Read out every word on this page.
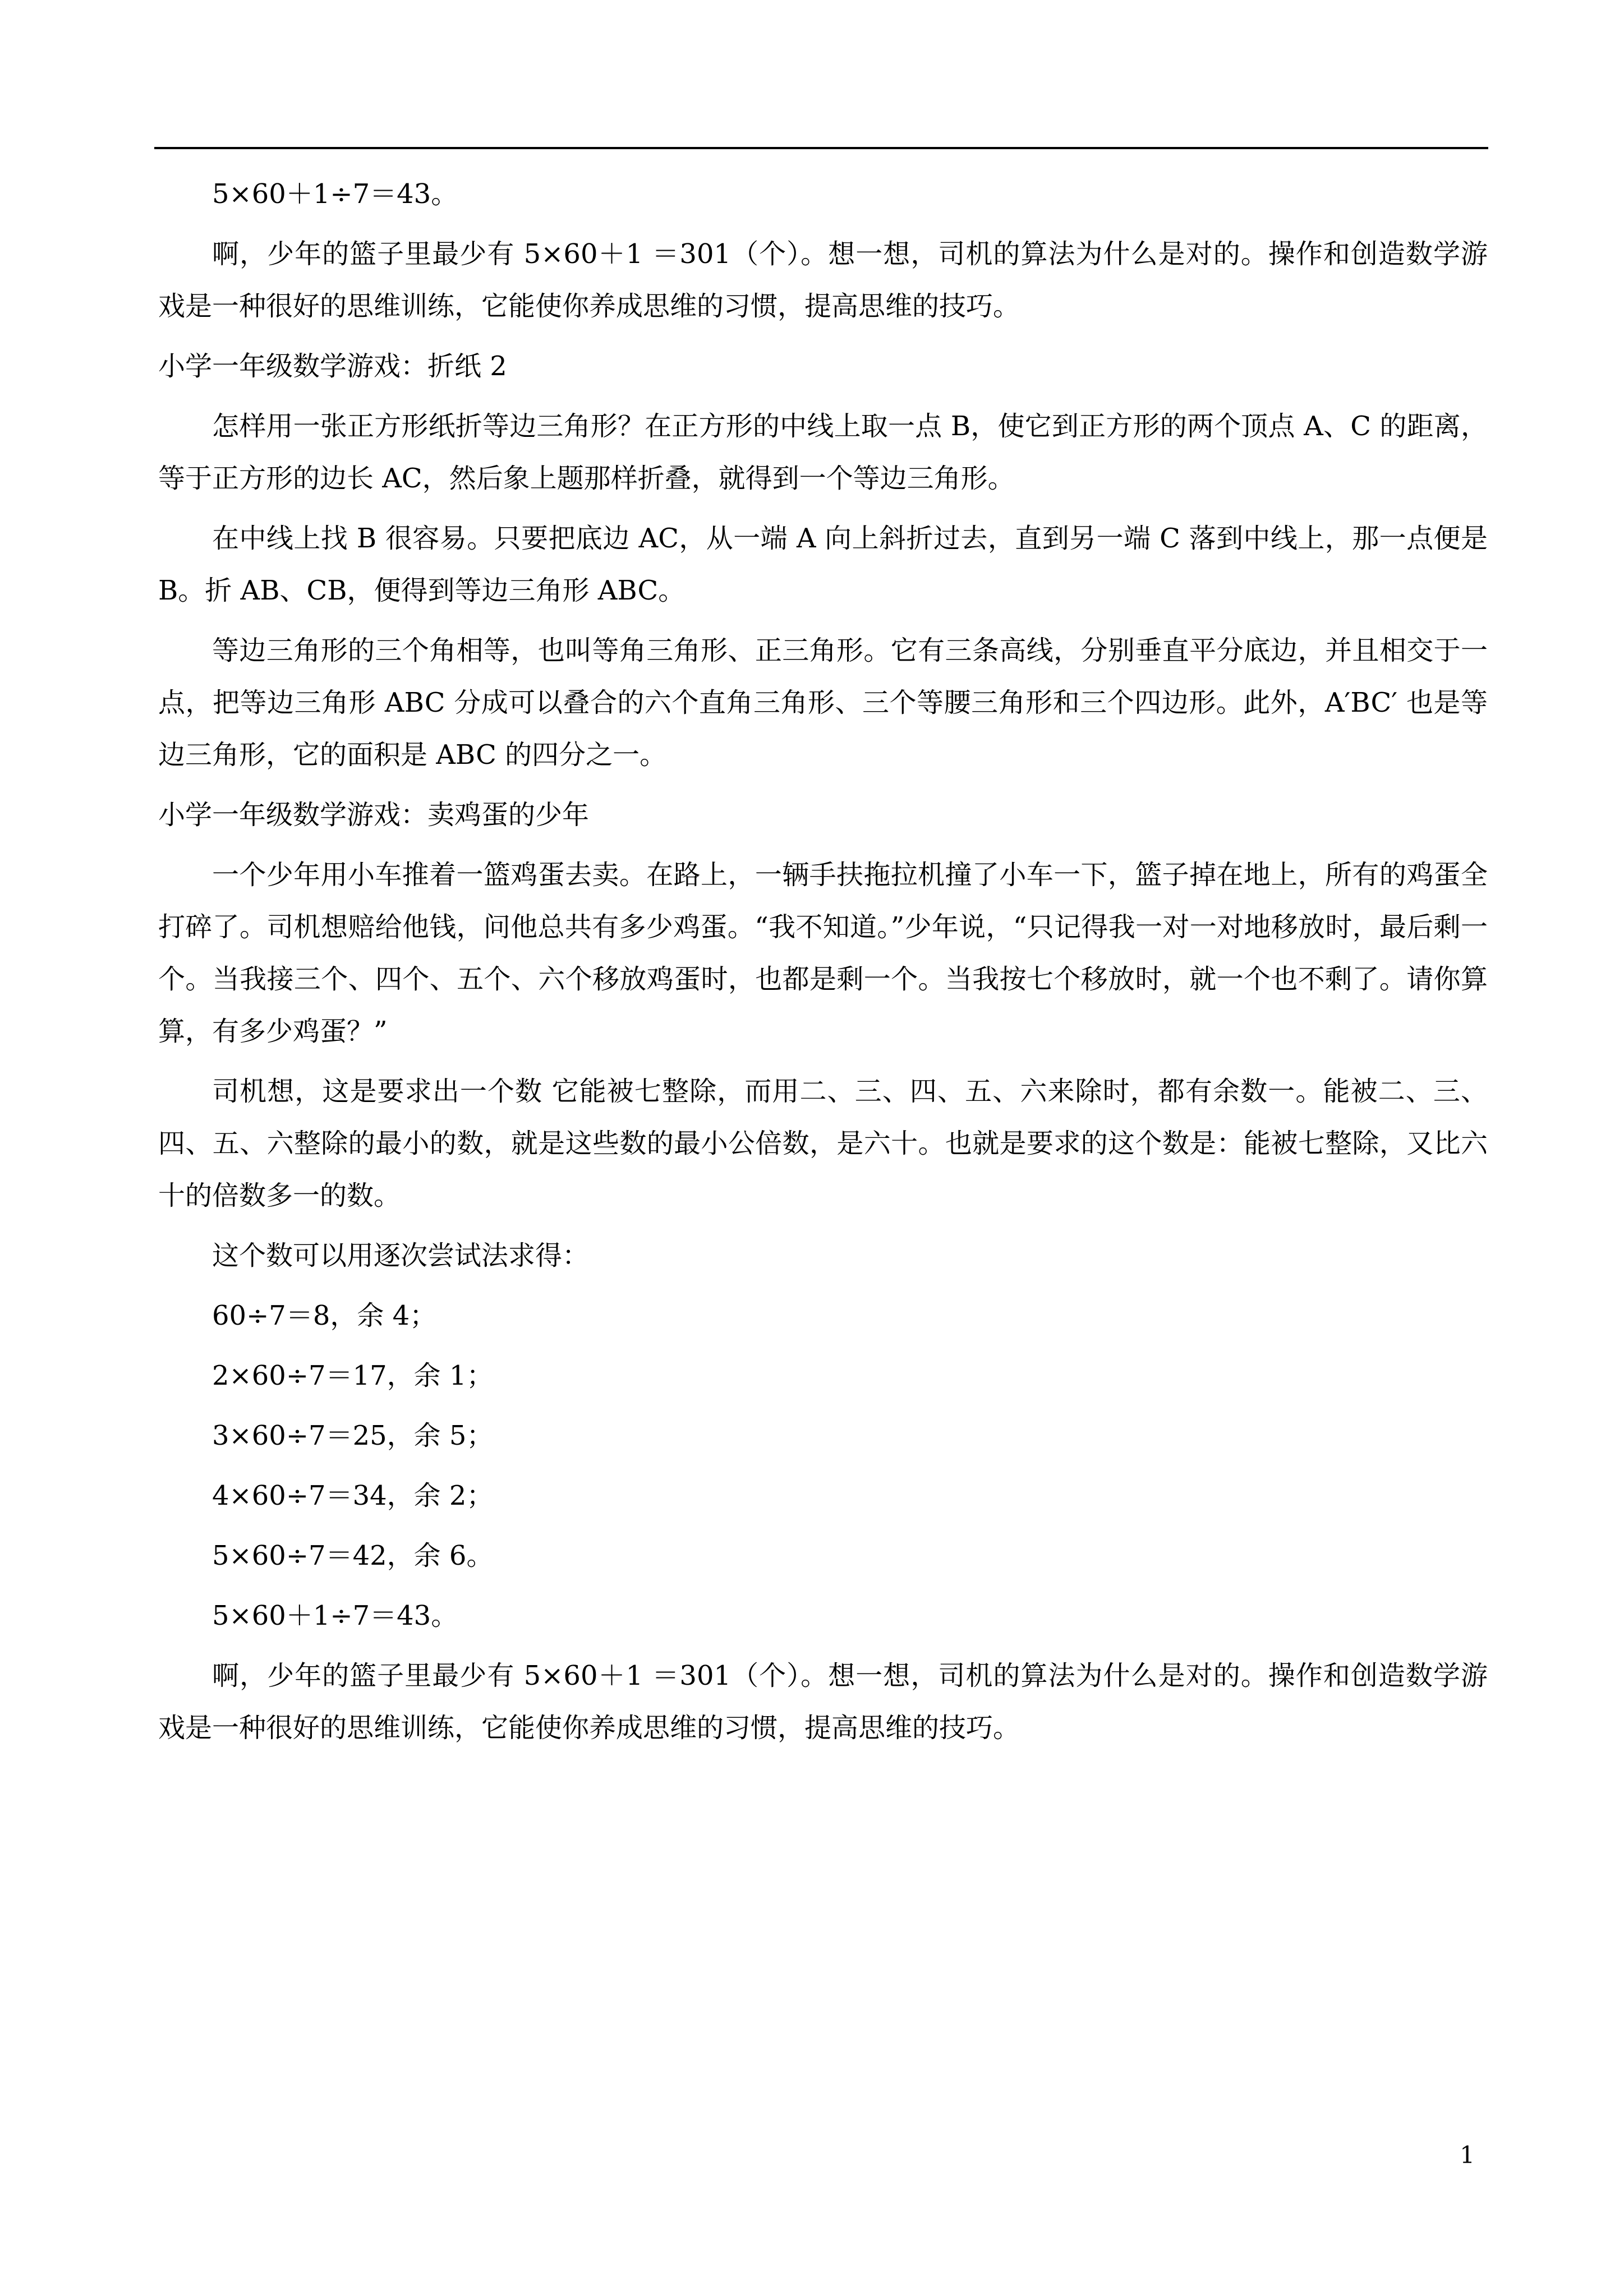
5×60＋1÷7＝43。

啊，少年的篮子里最少有 5×60＋1 ＝301（个）。想一想，司机的算法为什么是对的。操作和创造数学游戏是一种很好的思维训练，它能使你养成思维的习惯，提高思维的技巧。

小学一年级数学游戏：折纸 2

怎样用一张正方形纸折等边三角形？在正方形的中线上取一点 B，使它到正方形的两个顶点 A、C 的距离，等于正方形的边长 AC，然后象上题那样折叠，就得到一个等边三角形。

在中线上找 B 很容易。只要把底边 AC，从一端 A 向上斜折过去，直到另一端 C 落到中线上，那一点便是 B。折 AB、CB，便得到等边三角形 ABC。

等边三角形的三个角相等，也叫等角三角形、正三角形。它有三条高线，分别垂直平分底边，并且相交于一点，把等边三角形 ABC 分成可以叠合的六个直角三角形、三个等腰三角形和三个四边形。此外，A′BC′ 也是等边三角形，它的面积是 ABC 的四分之一。

小学一年级数学游戏：卖鸡蛋的少年

一个少年用小车推着一篮鸡蛋去卖。在路上，一辆手扶拖拉机撞了小车一下，篮子掉在地上，所有的鸡蛋全打碎了。司机想赔给他钱，问他总共有多少鸡蛋。“我不知道。”少年说，“只记得我一对一对地移放时，最后剩一个。当我接三个、四个、五个、六个移放鸡蛋时，也都是剩一个。当我按七个移放时，就一个也不剩了。请你算算，有多少鸡蛋？”

司机想，这是要求出一个数 它能被七整除，而用二、三、四、五、六来除时，都有余数一。能被二、三、四、五、六整除的最小的数，就是这些数的最小公倍数，是六十。也就是要求的这个数是：能被七整除，又比六十的倍数多一的数。

这个数可以用逐次尝试法求得：

60÷7＝8，余 4；

2×60÷7＝17，余 1；

3×60÷7＝25，余 5；

4×60÷7＝34，余 2；

5×60÷7＝42，余 6。

5×60＋1÷7＝43。

啊，少年的篮子里最少有 5×60＋1 ＝301（个）。想一想，司机的算法为什么是对的。操作和创造数学游戏是一种很好的思维训练，它能使你养成思维的习惯，提高思维的技巧。

1
